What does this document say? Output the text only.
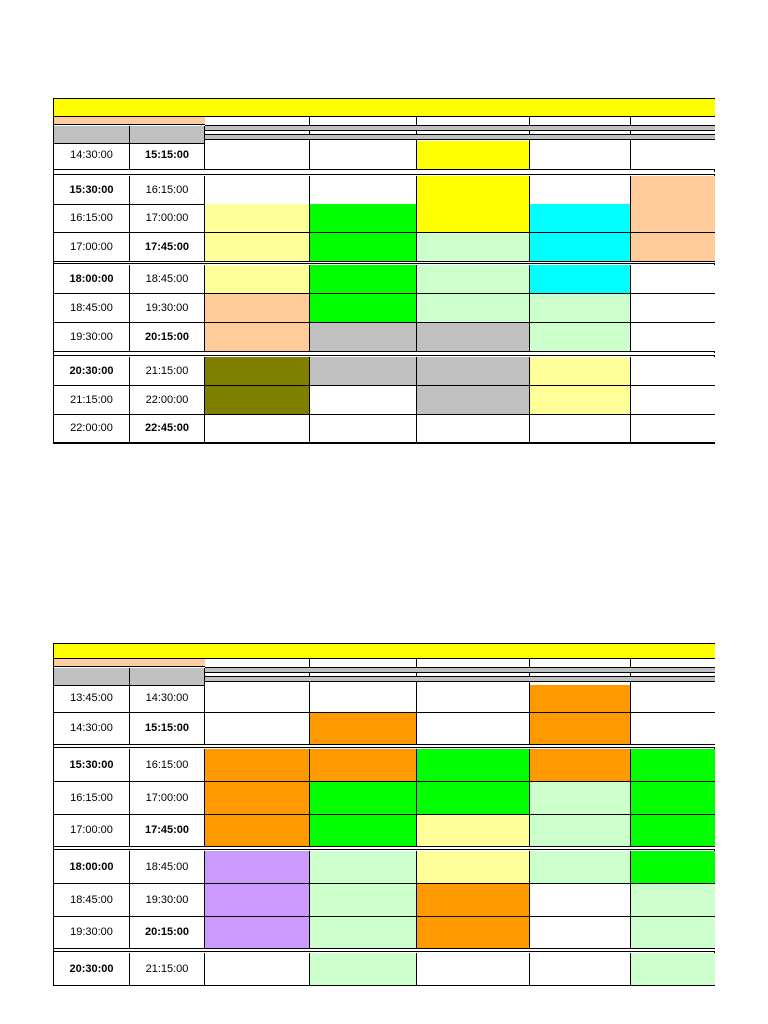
14:30:00	15:15:00
15:30:00	16:15:00
16:15:00	17:00:00
17:00:00	17:45:00
18:00:00	18:45:00
18:45:00	19:30:00
19:30:00	20:15:00
20:30:00	21:15:00
21:15:00	22:00:00
22:00:00	22:45:00
13:45:00	14:30:00
14:30:00	15:15:00
15:30:00	16:15:00
16:15:00	17:00:00
17:00:00	17:45:00
18:00:00	18:45:00
18:45:00	19:30:00
19:30:00	20:15:00
20:30:00	21:15:00
